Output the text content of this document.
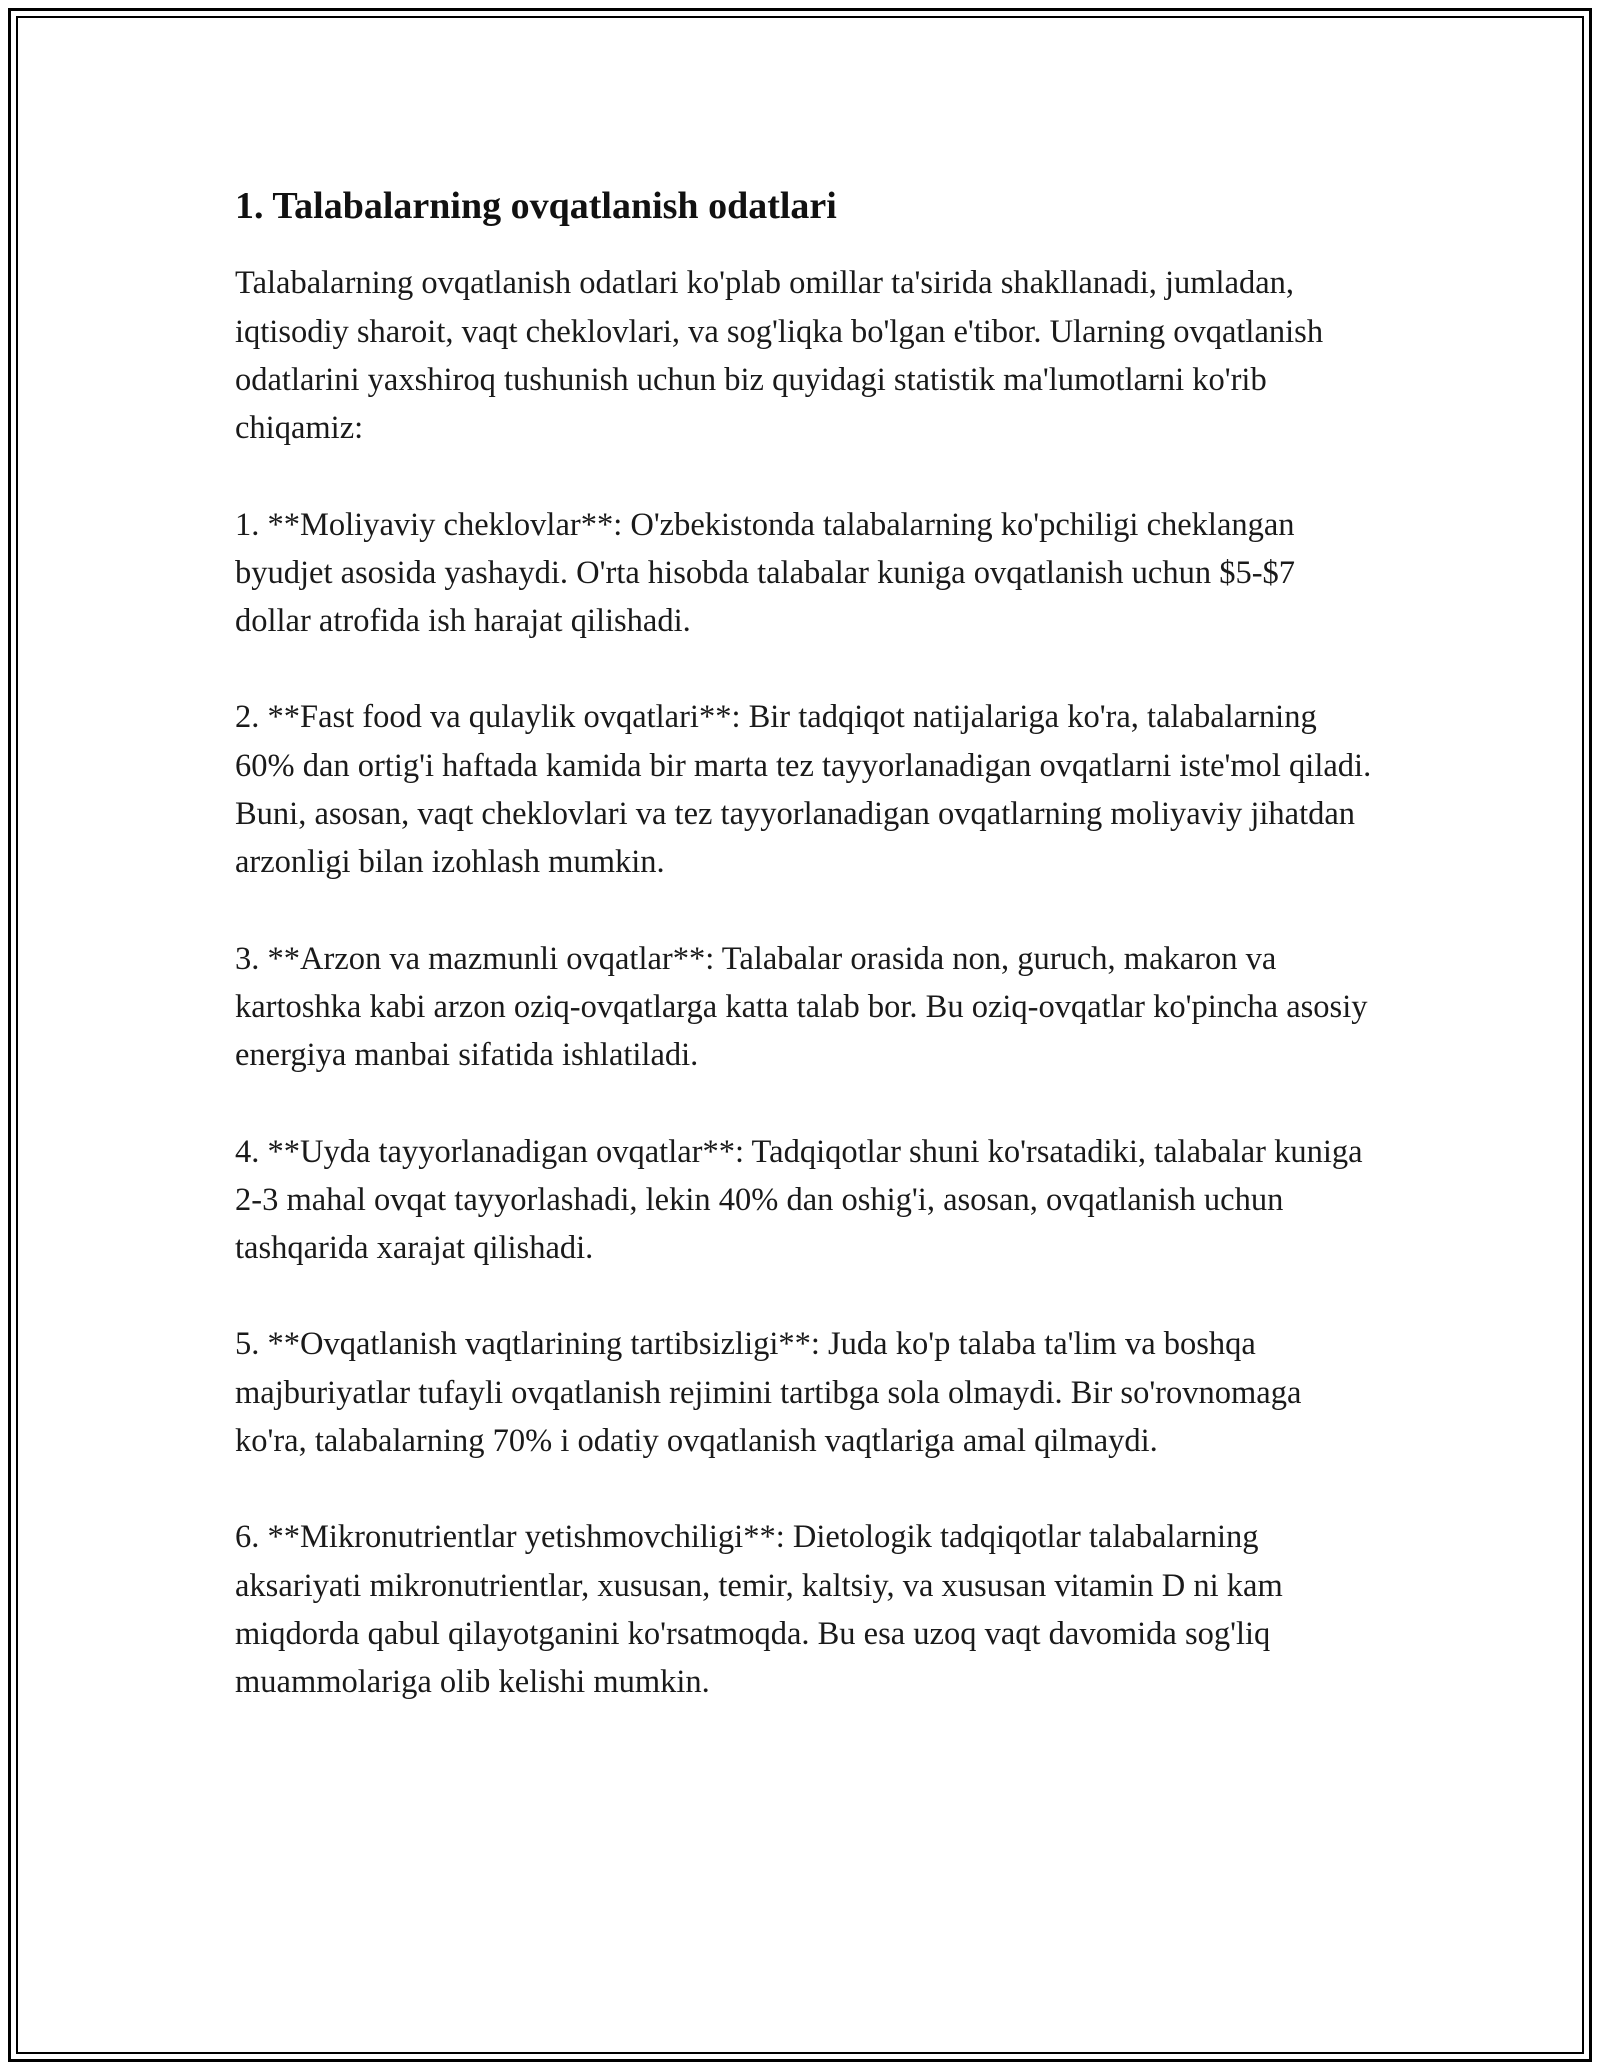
1. Talabalarning ovqatlanish odatlari

Talabalarning ovqatlanish odatlari ko'plab omillar ta'sirida shakllanadi, jumladan, iqtisodiy sharoit, vaqt cheklovlari, va sog'liqka bo'lgan e'tibor. Ularning ovqatlanish odatlarini yaxshiroq tushunish uchun biz quyidagi statistik ma'lumotlarni ko'rib chiqamiz:

1. **Moliyaviy cheklovlar**: O'zbekistonda talabalarning ko'pchiligi cheklangan byudjet asosida yashaydi. O'rta hisobda talabalar kuniga ovqatlanish uchun $5-$7 dollar atrofida ish harajat qilishadi.

2. **Fast food va qulaylik ovqatlari**: Bir tadqiqot natijalariga ko'ra, talabalarning 60% dan ortig'i haftada kamida bir marta tez tayyorlanadigan ovqatlarni iste'mol qiladi. Buni, asosan, vaqt cheklovlari va tez tayyorlanadigan ovqatlarning moliyaviy jihatdan arzonligi bilan izohlash mumkin.

3. **Arzon va mazmunli ovqatlar**: Talabalar orasida non, guruch, makaron va kartoshka kabi arzon oziq-ovqatlarga katta talab bor. Bu oziq-ovqatlar ko'pincha asosiy energiya manbai sifatida ishlatiladi.

4. **Uyda tayyorlanadigan ovqatlar**: Tadqiqotlar shuni ko'rsatadiki, talabalar kuniga 2-3 mahal ovqat tayyorlashadi, lekin 40% dan oshig'i, asosan, ovqatlanish uchun tashqarida xarajat qilishadi.

5. **Ovqatlanish vaqtlarining tartibsizligi**: Juda ko'p talaba ta'lim va boshqa majburiyatlar tufayli ovqatlanish rejimini tartibga sola olmaydi. Bir so'rovnomaga ko'ra, talabalarning 70% i odatiy ovqatlanish vaqtlariga amal qilmaydi.

6. **Mikronutrientlar yetishmovchiligi**: Dietologik tadqiqotlar talabalarning aksariyati mikronutrientlar, xususan, temir, kaltsiy, va xususan vitamin D ni kam miqdorda qabul qilayotganini ko'rsatmoqda. Bu esa uzoq vaqt davomida sog'liq muammolariga olib kelishi mumkin.
